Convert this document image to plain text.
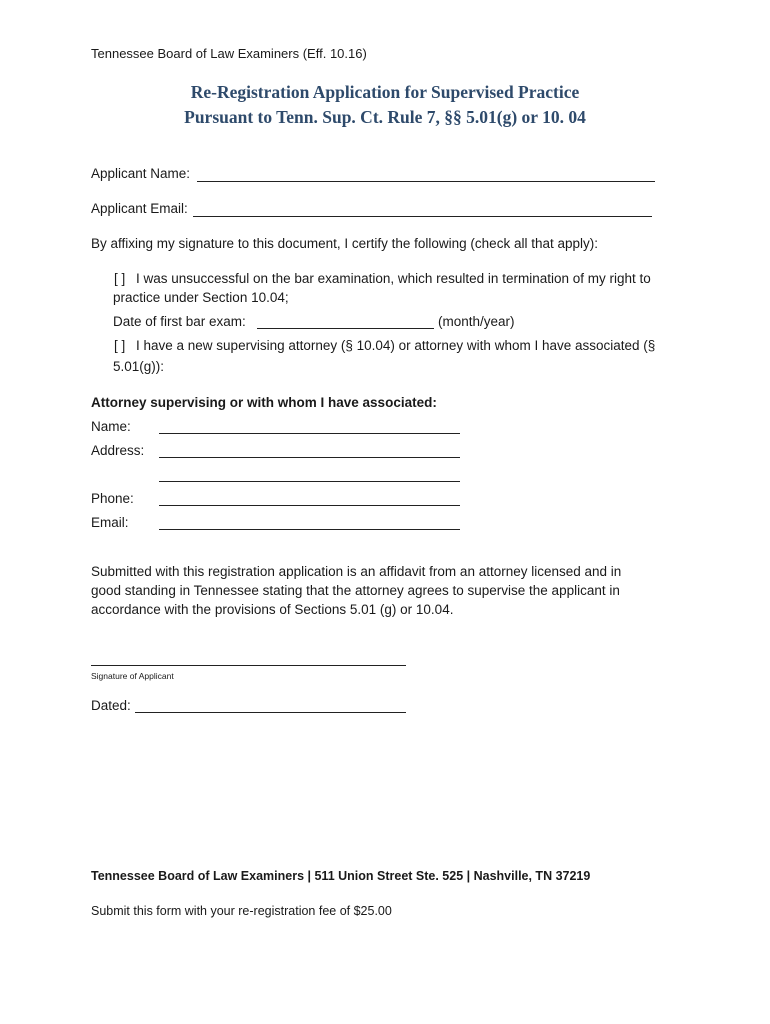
Tennessee Board of Law Examiners (Eff. 10.16)
Re-Registration Application for Supervised Practice
Pursuant to Tenn. Sup. Ct. Rule 7, §§ 5.01(g) or 10. 04
Applicant Name:
Applicant Email:
By affixing my signature to this document, I certify the following (check all that apply):
[ ] I was unsuccessful on the bar examination, which resulted in termination of my right to
practice under Section 10.04;
Date of first bar exam:	(month/year)
[ ] I have a new supervising attorney (§ 10.04) or attorney with whom I have associated (§
5.01(g)):
Attorney supervising or with whom I have associated:
Name:
Address:
Phone:
Email:
Submitted with this registration application is an affidavit from an attorney licensed and in
good standing in Tennessee stating that the attorney agrees to supervise the applicant in
accordance with the provisions of Sections 5.01 (g) or 10.04.
Signature of Applicant
Dated:
Tennessee Board of Law Examiners | 511 Union Street Ste. 525 | Nashville, TN 37219
Submit this form with your re-registration fee of $25.00
